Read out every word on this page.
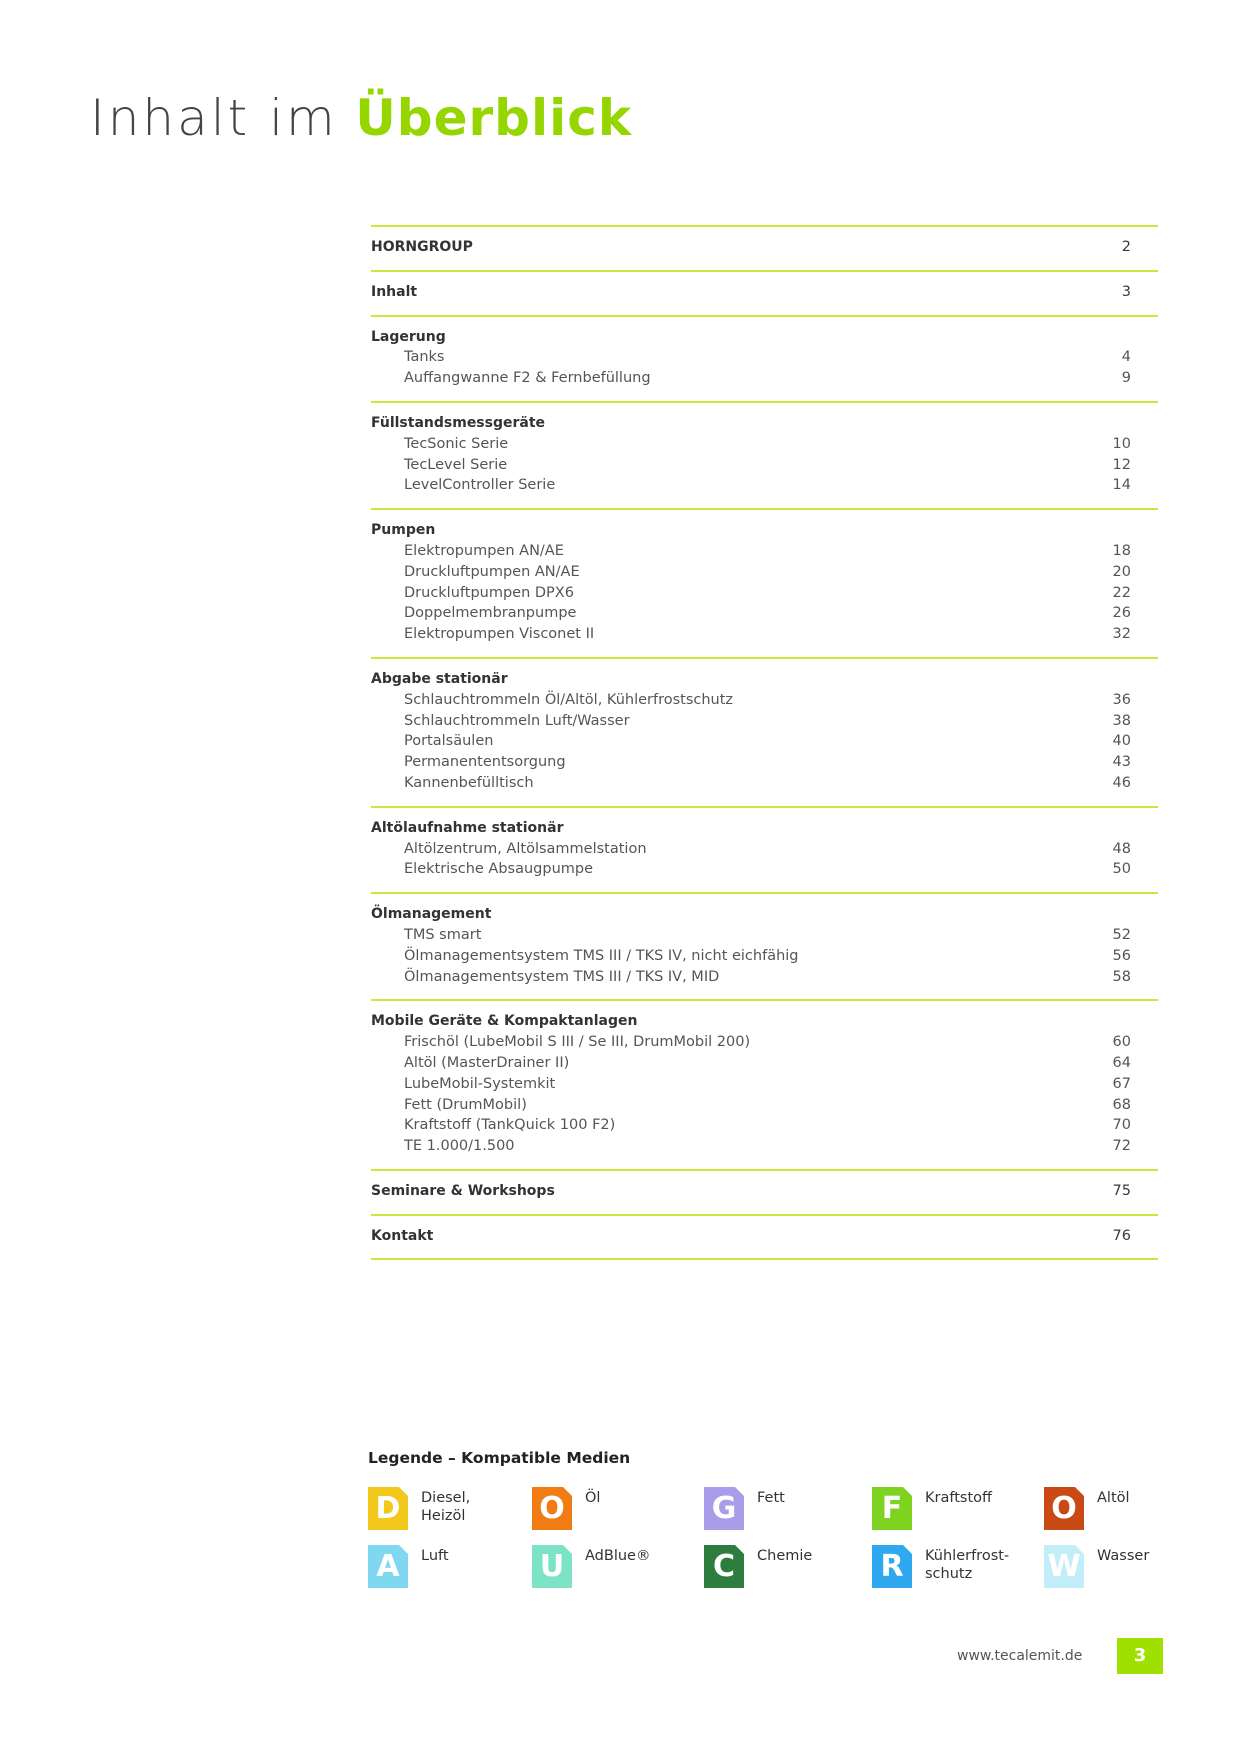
Inhalt im Überblick
HORNGROUP	2
Inhalt	3
Lagerung
Tanks	4
Auffangwanne F2 & Fernbefüllung	9
Füllstandsmessgeräte
TecSonic Serie	10
TecLevel Serie	12
LevelController Serie	14
Pumpen
Elektropumpen AN/AE	18
Druckluftpumpen AN/AE	20
Druckluftpumpen DPX6	22
Doppelmembranpumpe	26
Elektropumpen Visconet II	32
Abgabe stationär
Schlauchtrommeln Öl/Altöl, Kühlerfrostschutz	36
Schlauchtrommeln Luft/Wasser	38
Portalsäulen	40
Permanententsorgung	43
Kannenbefülltisch	46
Altölaufnahme stationär
Altölzentrum, Altölsammelstation	48
Elektrische Absaugpumpe	50
Ölmanagement
TMS smart	52
Ölmanagementsystem TMS III / TKS IV, nicht eichfähig	56
Ölmanagementsystem TMS III / TKS IV, MID	58
Mobile Geräte & Kompaktanlagen
Frischöl (LubeMobil S III / Se III, DrumMobil 200)	60
Altöl (MasterDrainer II)	64
LubeMobil-Systemkit	67
Fett (DrumMobil)	68
Kraftstoff (TankQuick 100 F2)	70
TE 1.000/1.500	72
Seminare & Workshops	75
Kontakt	76
Legende – Kompatible Medien
D	Diesel,
Heizöl O	Öl	G	Fett	F	Kraftstoff O	Altöl
A	Luft	U	AdBlue® C	Chemie R	Kühlerfrost-
schutz	W Wasser
www.tecalemit.de	3
